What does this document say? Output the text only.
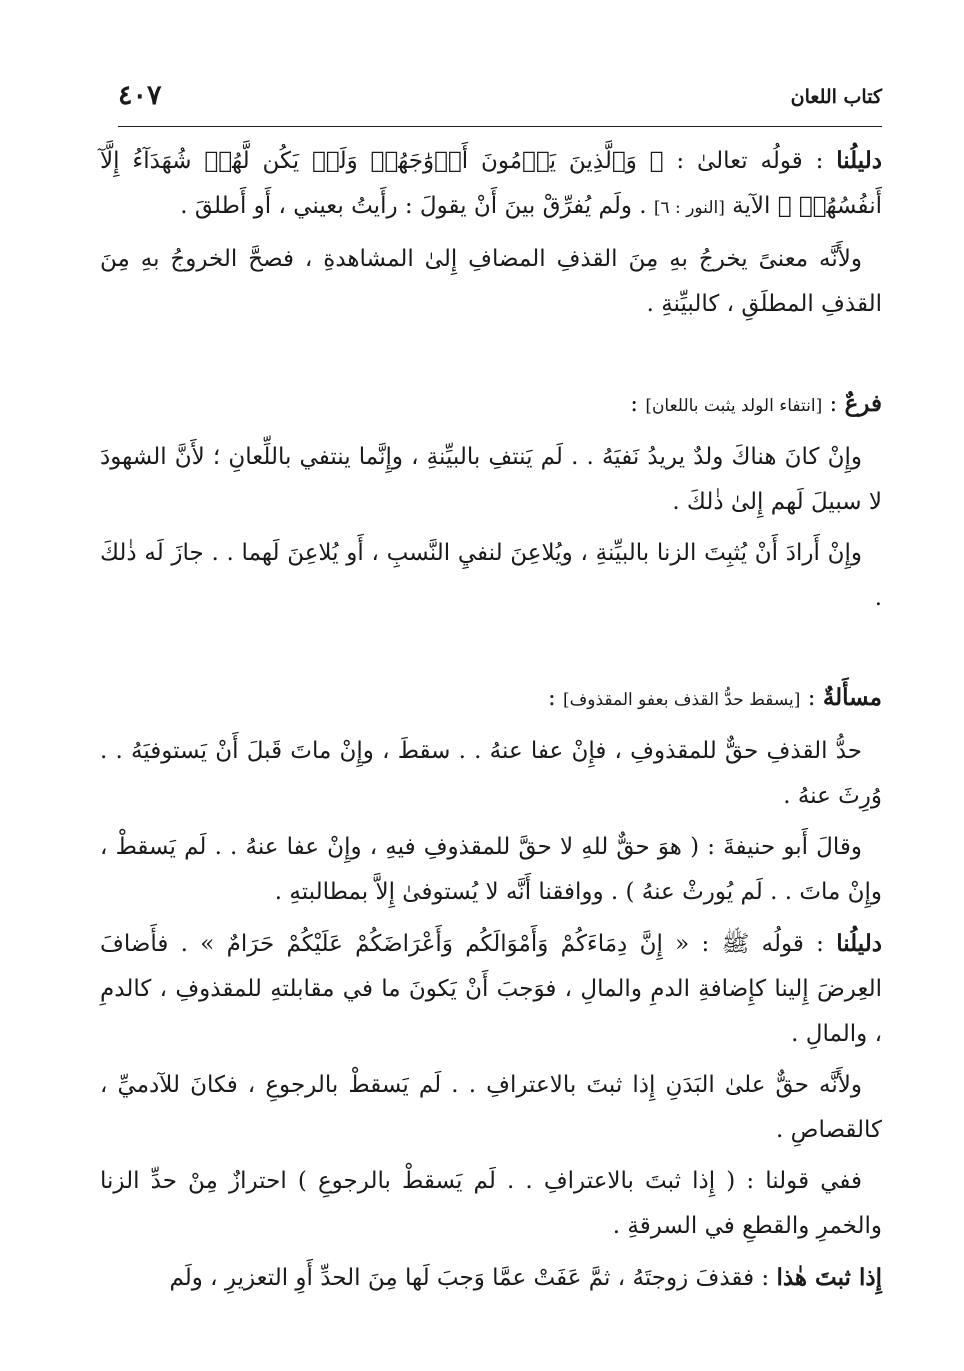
كتاب اللعان
٤٠٧

دليلُنا : قولُه تعالىٰ : ﴿ وَٱلَّذِينَ يَرۡمُونَ أَزۡوَٰجَهُمۡ وَلَمۡ يَكُن لَّهُمۡ شُهَدَآءُ إِلَّآ أَنفُسُهُمۡ ﴾ الآية [النور : ٦] . ولَم يُفرِّقْ بينَ أَنْ يقولَ : رأَيتُ بعيني ، أَو أَطلقَ .

ولأَنَّه معنىً يخرجُ بهِ مِنَ القذفِ المضافِ إِلىٰ المشاهدةِ ، فصحَّ الخروجُ بهِ مِنَ القذفِ المطلَقِ ، كالبيِّنةِ .

فرعٌ : [انتفاء الولد يثبت باللعان] :

وإِنْ كانَ هناكَ ولدٌ يريدُ نَفيَهُ . . لَم يَنتفِ بالبيِّنةِ ، وإِنَّما ينتفي باللِّعانِ ؛ لأَنَّ الشهودَ لا سبيلَ لَهم إِلىٰ ذٰلكَ .

وإِنْ أَرادَ أَنْ يُثبِتَ الزنا بالبيِّنةِ ، ويُلاعِنَ لنفيِ النَّسبِ ، أَو يُلاعِنَ لَهما . . جازَ لَه ذٰلكَ .

مسأَلةٌ : [يسقط حدُّ القذف بعفو المقذوف] :

حدُّ القذفِ حقٌّ للمقذوفِ ، فإِنْ عفا عنهُ . . سقطَ ، وإِنْ ماتَ قَبلَ أَنْ يَستوفيَهُ . . وُرِثَ عنهُ .

وقالَ أَبو حنيفةَ : ( هوَ حقٌّ للهِ لا حقَّ للمقذوفِ فيهِ ، وإِنْ عفا عنهُ . . لَم يَسقطْ ، وإِنْ ماتَ . . لَم يُورثْ عنهُ ) . ووافقنا أَنَّه لا يُستوفىٰ إِلاَّ بمطالبتهِ .

دليلُنا : قولُه ﷺ : « إِنَّ دِمَاءَكُمْ وَأَمْوَالَكُم وَأَعْرَاضَكُمْ عَلَيْكُمْ حَرَامٌ » . فأَضافَ العِرضَ إِلينا كإِضافةِ الدمِ والمالِ ، فوَجبَ أَنْ يَكونَ ما في مقابلتهِ للمقذوفِ ، كالدمِ ، والمالِ .

ولأَنَّه حقٌّ علىٰ البَدَنِ إِذا ثبتَ بالاعترافِ . . لَم يَسقطْ بالرجوعِ ، فكانَ للآدميِّ ، كالقصاصِ .

ففي قولنا : ( إِذا ثبتَ بالاعترافِ . . لَم يَسقطْ بالرجوعِ ) احترازٌ مِنْ حدِّ الزنا والخمرِ والقطعِ في السرقةِ .

إِذا ثبتَ هٰذا : فقذفَ زوجتَهُ ، ثمَّ عَفَتْ عمَّا وَجبَ لَها مِنَ الحدِّ أَوِ التعزيرِ ، ولَم
